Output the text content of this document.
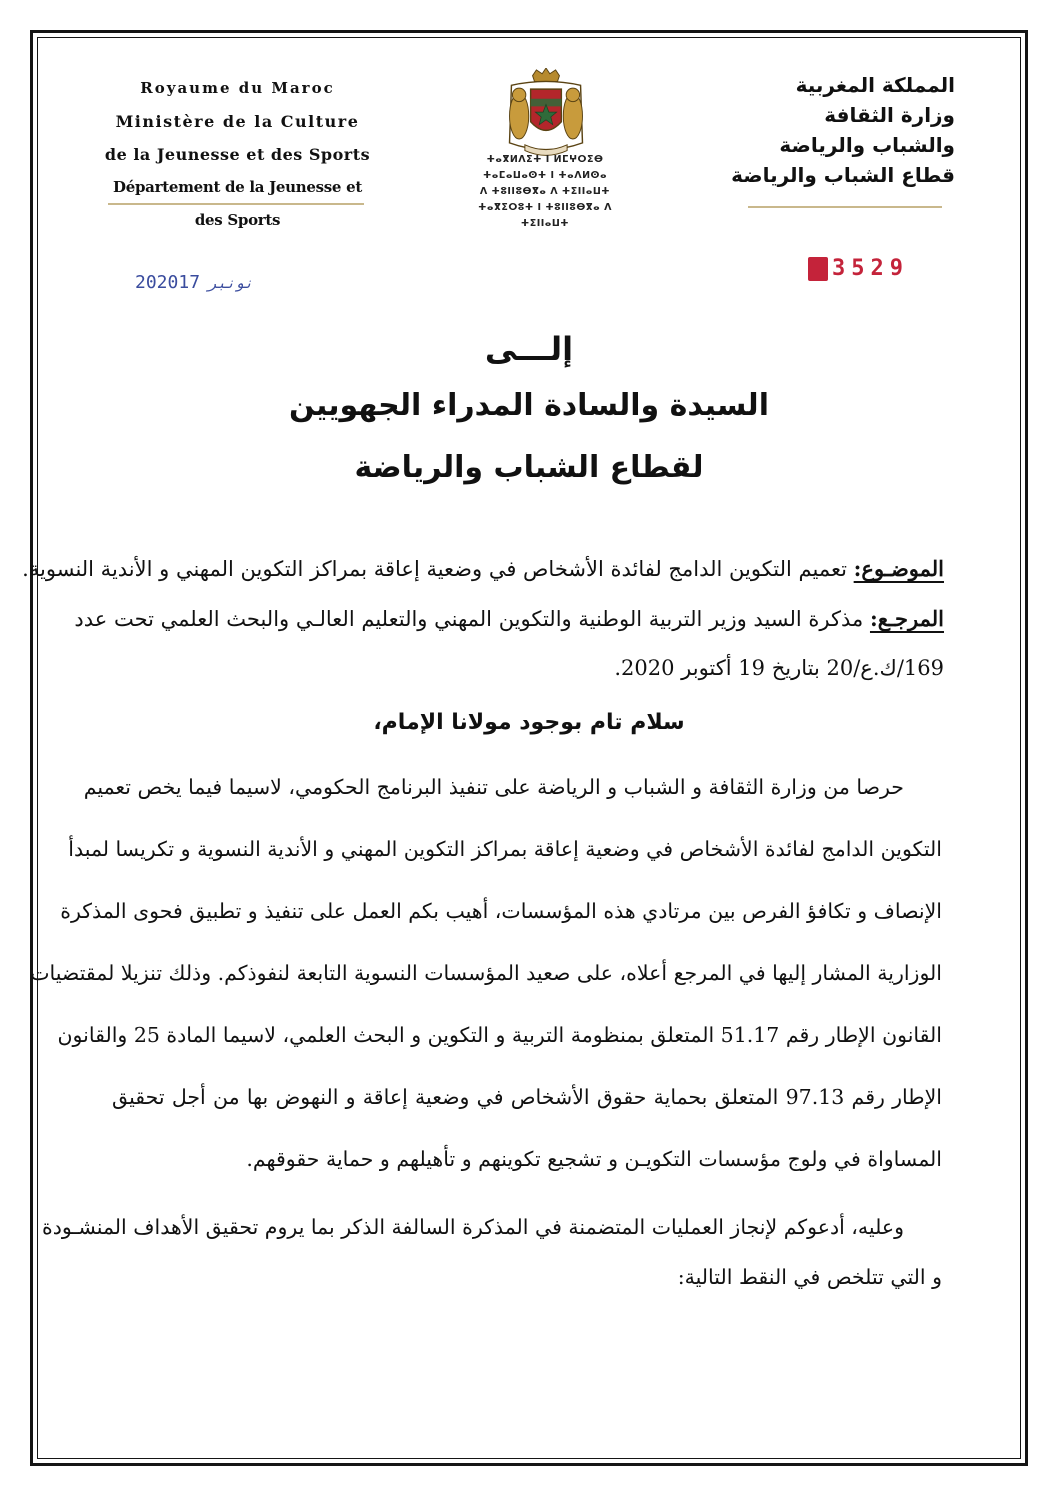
Royaume du Maroc
Ministère de la Culture
de la Jeunesse et des Sports
Département de la Jeunesse et des Sports
ⵜⴰⴳⵍⴷⵉⵜ ⵏ ⵍⵎⵖⵔⵉⴱ
ⵜⴰⵎⴰⵡⴰⵙⵜ ⵏ ⵜⴰⴷⵍⵙⴰ
ⴷ ⵜⵓⵏⵏⵓⴱⴳⴰ ⴷ ⵜⵉⵏⵏⴰⵡⵜ
ⵜⴰⴳⵉⵔⵓⵜ ⵏ ⵜⵓⵏⵏⵓⴱⴳⴰ ⴷ ⵜⵉⵏⵏⴰⵡⵜ
المملكة المغربية
وزارة الثقافة
والشباب والرياضة
قطاع الشباب والرياضة
3529
2020 نونبر17
إلـــى
السيدة والسادة المدراء الجهويين
لقطاع الشباب والرياضة
الموضـوع: تعميم التكوين الدامج لفائدة الأشخاص في وضعية إعاقة بمراكز التكوين المهني و الأندية النسوية.
المرجـع: مذكرة السيد وزير التربية الوطنية والتكوين المهني والتعليم العالـي والبحث العلمي تحت عدد
169/ك.ع/20 بتاريخ 19 أكتوبر 2020.
سلام تام بوجود مولانا الإمام،
حرصا من وزارة الثقافة و الشباب و الرياضة على تنفيذ البرنامج الحكومي، لاسيما فيما يخص تعميم
التكوين الدامج لفائدة الأشخاص في وضعية إعاقة بمراكز التكوين المهني و الأندية النسوية و تكريسا لمبدأ
الإنصاف و تكافؤ الفرص بين مرتادي هذه المؤسسات، أهيب بكم العمل على تنفيذ و تطبيق فحوى المذكرة
الوزارية المشار إليها في المرجع أعلاه، على صعيد المؤسسات النسوية التابعة لنفوذكم. وذلك تنزيلا لمقتضيات
القانون الإطار رقم 51.17 المتعلق بمنظومة التربية و التكوين و البحث العلمي، لاسيما المادة 25 والقانون
الإطار رقم 97.13 المتعلق بحماية حقوق الأشخاص في وضعية إعاقة و النهوض بها من أجل تحقيق
المساواة في ولوج مؤسسات التكويـن و تشجيع تكوينهم و تأهيلهم و حماية حقوقهم.
وعليه، أدعوكم لإنجاز العمليات المتضمنة في المذكرة السالفة الذكر بما يروم تحقيق الأهداف المنشـودة
و التي تتلخص في النقط التالية:
